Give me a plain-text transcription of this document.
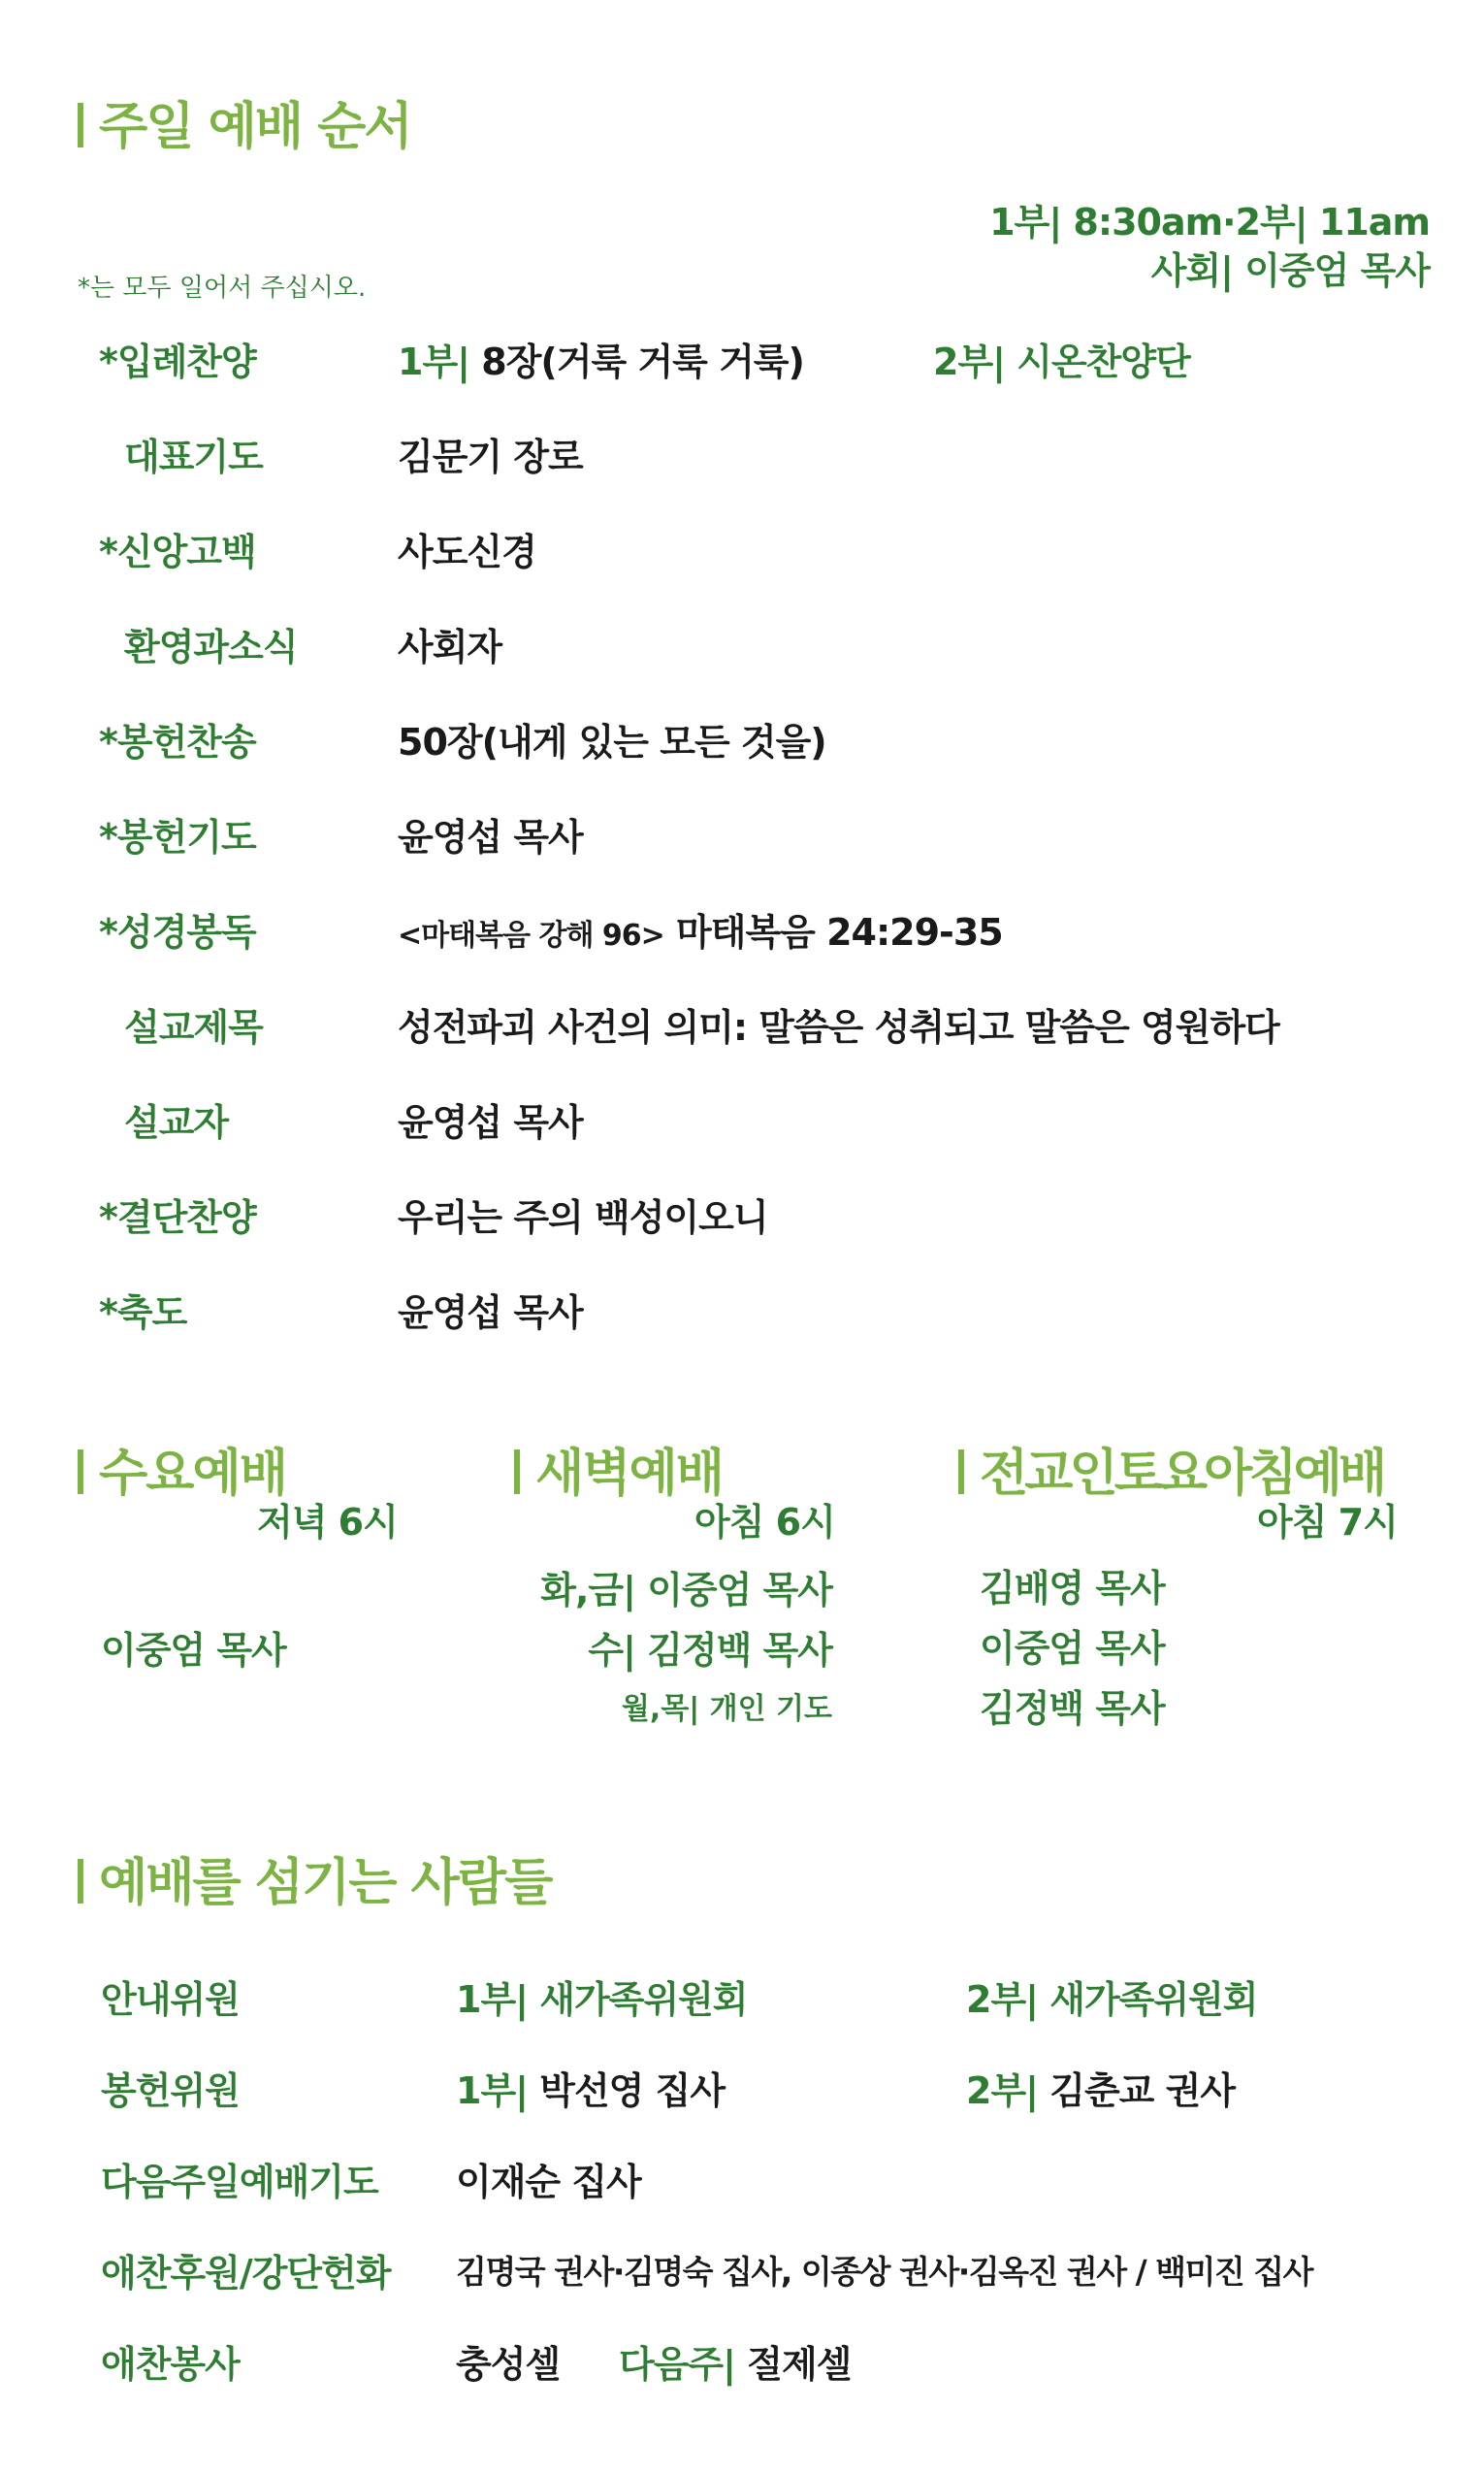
주일 예배 순서
1부| 8:30am·2부| 11am
사회| 이중엄 목사
*는 모두 일어서 주십시오.
*입례찬양	1부| 8장(거룩 거룩 거룩)	2부| 시온찬양단
대표기도	김문기 장로
*신앙고백	사도신경
환영과소식	사회자
*봉헌찬송	50장(내게 있는 모든 것을)
*봉헌기도	윤영섭 목사
*성경봉독	<마태복음 강해 96> 마태복음 24:29-35
설교제목	성전파괴 사건의 의미: 말씀은 성취되고 말씀은 영원하다
설교자	윤영섭 목사
*결단찬양	우리는 주의 백성이오니
*축도	윤영섭 목사
수요예배
저녁 6시
이중엄 목사
새벽예배
아침 6시
화,금| 이중엄 목사
수| 김정백 목사
월,목| 개인 기도
전교인토요아침예배
아침 7시
김배영 목사
이중엄 목사
김정백 목사
예배를 섬기는 사람들
안내위원	1부| 새가족위원회	2부| 새가족위원회
봉헌위원	1부| 박선영 집사	2부| 김춘교 권사
다음주일예배기도 이재순 집사
애찬후원/강단헌화 김명국 권사·김명숙 집사, 이종상 권사·김옥진 권사 / 백미진 집사
애찬봉사	충성셀 다음주| 절제셀
